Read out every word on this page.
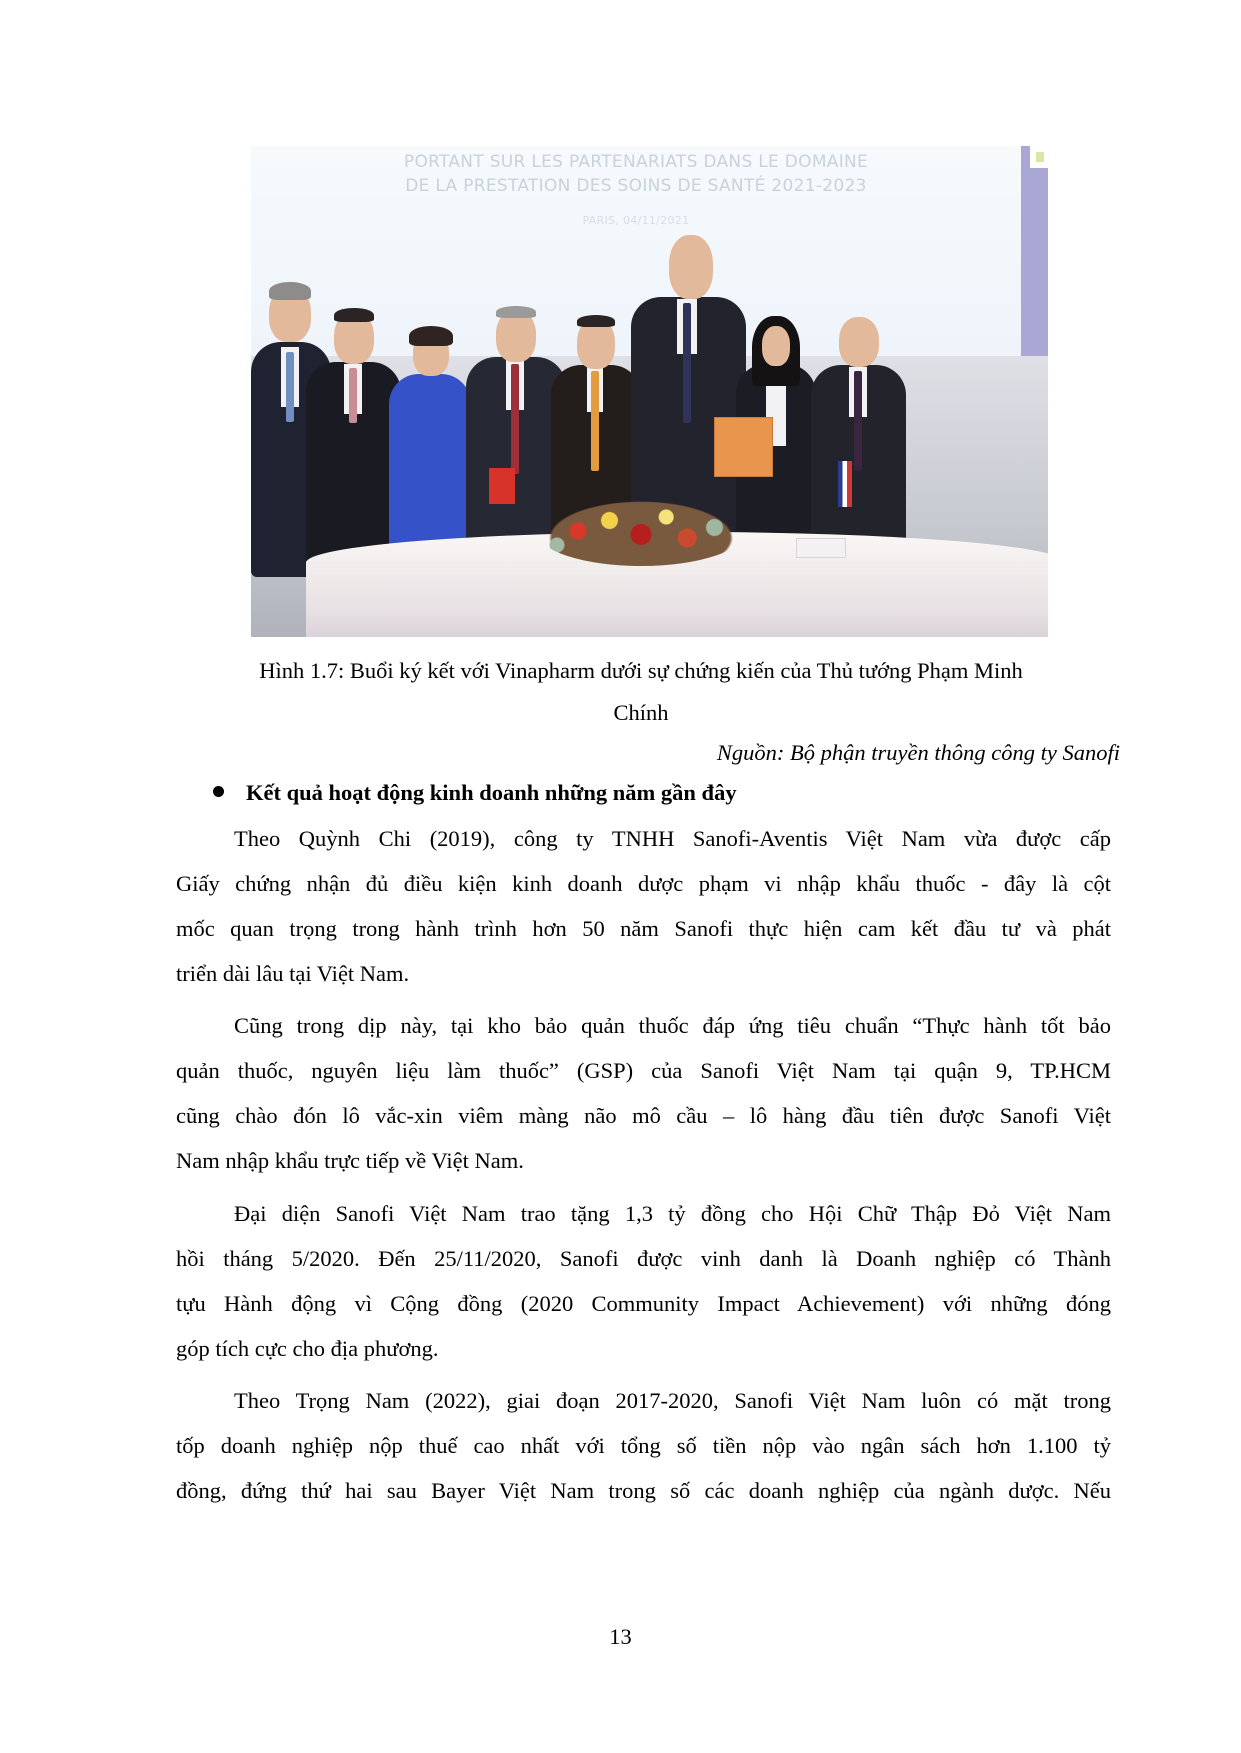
PORTANT SUR LES PARTENARIATS DANS LE DOMAINE
DE LA PRESTATION DES SOINS DE SANTÉ 2021-2023
PARIS, 04/11/2021
Hình 1.7: Buổi ký kết với Vinapharm dưới sự chứng kiến của Thủ tướng Phạm Minh
Chính
Nguồn: Bộ phận truyền thông công ty Sanofi
Kết quả hoạt động kinh doanh những năm gần đây
Theo Quỳnh Chi (2019), công ty TNHH Sanofi-Aventis Việt Nam vừa được cấp
Giấy chứng nhận đủ điều kiện kinh doanh dược phạm vi nhập khẩu thuốc - đây là cột
mốc quan trọng trong hành trình hơn 50 năm Sanofi thực hiện cam kết đầu tư và phát
triển dài lâu tại Việt Nam.
Cũng trong dịp này, tại kho bảo quản thuốc đáp ứng tiêu chuẩn “Thực hành tốt bảo
quản thuốc, nguyên liệu làm thuốc” (GSP) của Sanofi Việt Nam tại quận 9, TP.HCM
cũng chào đón lô vắc-xin viêm màng não mô cầu – lô hàng đầu tiên được Sanofi Việt
Nam nhập khẩu trực tiếp về Việt Nam.
Đại diện Sanofi Việt Nam trao tặng 1,3 tỷ đồng cho Hội Chữ Thập Đỏ Việt Nam
hồi tháng 5/2020. Đến 25/11/2020, Sanofi được vinh danh là Doanh nghiệp có Thành
tựu Hành động vì Cộng đồng (2020 Community Impact Achievement) với những đóng
góp tích cực cho địa phương.
Theo Trọng Nam (2022), giai đoạn 2017-2020, Sanofi Việt Nam luôn có mặt trong
tốp doanh nghiệp nộp thuế cao nhất với tổng số tiền nộp vào ngân sách hơn 1.100 tỷ
đồng, đứng thứ hai sau Bayer Việt Nam trong số các doanh nghiệp của ngành dược. Nếu
13
